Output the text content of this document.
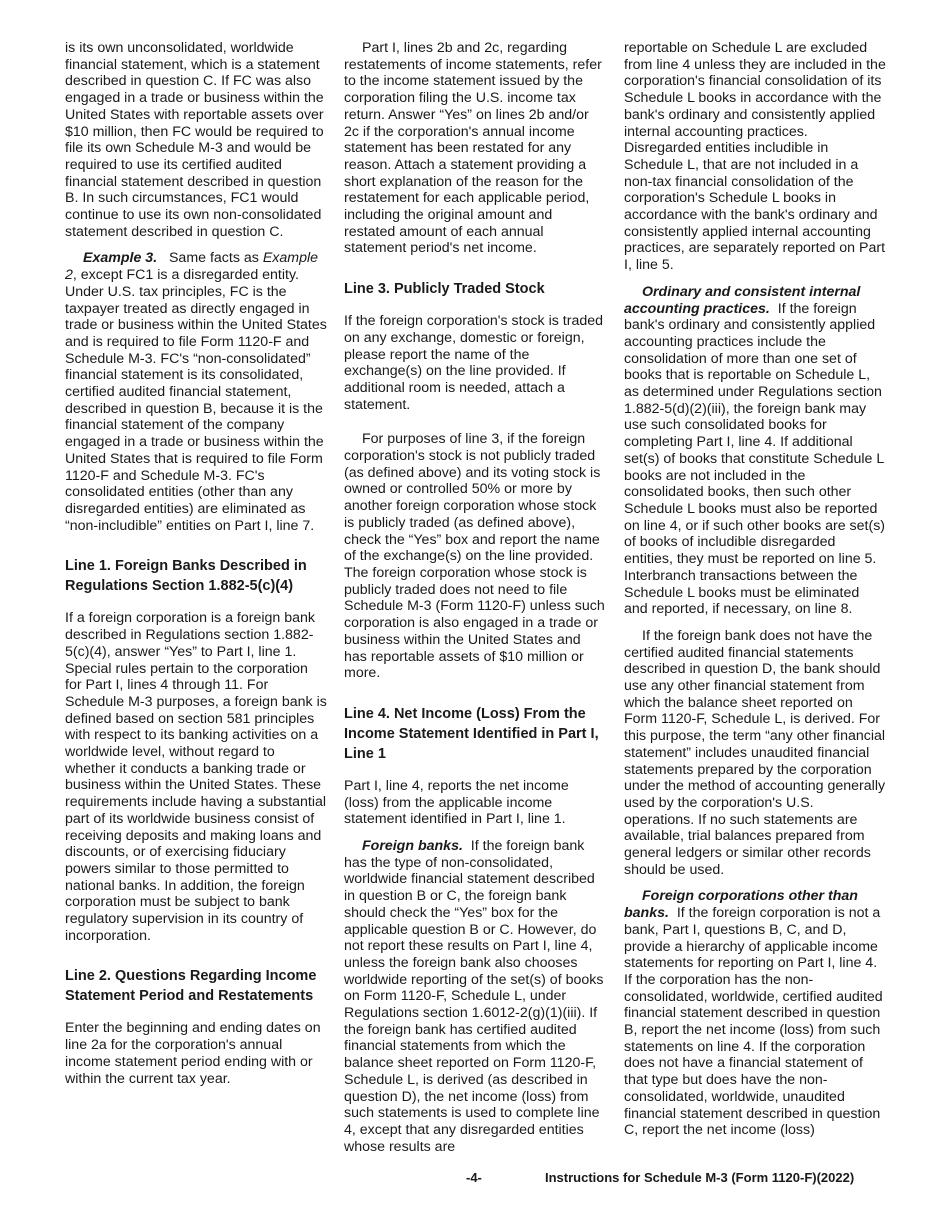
is its own unconsolidated, worldwide financial statement, which is a statement described in question C. If FC was also engaged in a trade or business within the United States with reportable assets over $10 million, then FC would be required to file its own Schedule M-3 and would be required to use its certified audited financial statement described in question B. In such circumstances, FC1 would continue to use its own non-consolidated statement described in question C.

Example 3. Same facts as Example 2, except FC1 is a disregarded entity. Under U.S. tax principles, FC is the taxpayer treated as directly engaged in trade or business within the United States and is required to file Form 1120-F and Schedule M-3. FC's “non-consolidated” financial statement is its consolidated, certified audited financial statement, described in question B, because it is the financial statement of the company engaged in a trade or business within the United States that is required to file Form 1120-F and Schedule M-3. FC's consolidated entities (other than any disregarded entities) are eliminated as “non-includible” entities on Part I, line 7.

Line 1. Foreign Banks Described in Regulations Section 1.882-5(c)(4)

If a foreign corporation is a foreign bank described in Regulations section 1.882-5(c)(4), answer “Yes” to Part I, line 1. Special rules pertain to the corporation for Part I, lines 4 through 11. For Schedule M-3 purposes, a foreign bank is defined based on section 581 principles with respect to its banking activities on a worldwide level, without regard to whether it conducts a banking trade or business within the United States. These requirements include having a substantial part of its worldwide business consist of receiving deposits and making loans and discounts, or of exercising fiduciary powers similar to those permitted to national banks. In addition, the foreign corporation must be subject to bank regulatory supervision in its country of incorporation.

Line 2. Questions Regarding Income Statement Period and Restatements

Enter the beginning and ending dates on line 2a for the corporation's annual income statement period ending with or within the current tax year.

Part I, lines 2b and 2c, regarding restatements of income statements, refer to the income statement issued by the corporation filing the U.S. income tax return. Answer “Yes” on lines 2b and/or 2c if the corporation's annual income statement has been restated for any reason. Attach a statement providing a short explanation of the reason for the restatement for each applicable period, including the original amount and restated amount of each annual statement period's net income.

Line 3. Publicly Traded Stock

If the foreign corporation's stock is traded on any exchange, domestic or foreign, please report the name of the exchange(s) on the line provided. If additional room is needed, attach a statement.

For purposes of line 3, if the foreign corporation's stock is not publicly traded (as defined above) and its voting stock is owned or controlled 50% or more by another foreign corporation whose stock is publicly traded (as defined above), check the “Yes” box and report the name of the exchange(s) on the line provided. The foreign corporation whose stock is publicly traded does not need to file Schedule M-3 (Form 1120-F) unless such corporation is also engaged in a trade or business within the United States and has reportable assets of $10 million or more.

Line 4. Net Income (Loss) From the Income Statement Identified in Part I, Line 1

Part I, line 4, reports the net income (loss) from the applicable income statement identified in Part I, line 1.

Foreign banks. If the foreign bank has the type of non-consolidated, worldwide financial statement described in question B or C, the foreign bank should check the “Yes” box for the applicable question B or C. However, do not report these results on Part I, line 4, unless the foreign bank also chooses worldwide reporting of the set(s) of books on Form 1120-F, Schedule L, under Regulations section 1.6012-2(g)(1)(iii). If the foreign bank has certified audited financial statements from which the balance sheet reported on Form 1120-F, Schedule L, is derived (as described in question D), the net income (loss) from such statements is used to complete line 4, except that any disregarded entities whose results are

reportable on Schedule L are excluded from line 4 unless they are included in the corporation's financial consolidation of its Schedule L books in accordance with the bank's ordinary and consistently applied internal accounting practices. Disregarded entities includible in Schedule L, that are not included in a non-tax financial consolidation of the corporation's Schedule L books in accordance with the bank's ordinary and consistently applied internal accounting practices, are separately reported on Part I, line 5.

Ordinary and consistent internal accounting practices. If the foreign bank's ordinary and consistently applied accounting practices include the consolidation of more than one set of books that is reportable on Schedule L, as determined under Regulations section 1.882-5(d)(2)(iii), the foreign bank may use such consolidated books for completing Part I, line 4. If additional set(s) of books that constitute Schedule L books are not included in the consolidated books, then such other Schedule L books must also be reported on line 4, or if such other books are set(s) of books of includible disregarded entities, they must be reported on line 5. Interbranch transactions between the Schedule L books must be eliminated and reported, if necessary, on line 8.

If the foreign bank does not have the certified audited financial statements described in question D, the bank should use any other financial statement from which the balance sheet reported on Form 1120-F, Schedule L, is derived. For this purpose, the term “any other financial statement” includes unaudited financial statements prepared by the corporation under the method of accounting generally used by the corporation's U.S. operations. If no such statements are available, trial balances prepared from general ledgers or similar other records should be used.

Foreign corporations other than banks. If the foreign corporation is not a bank, Part I, questions B, C, and D, provide a hierarchy of applicable income statements for reporting on Part I, line 4. If the corporation has the non-consolidated, worldwide, certified audited financial statement described in question B, report the net income (loss) from such statements on line 4. If the corporation does not have a financial statement of that type but does have the non-consolidated, worldwide, unaudited financial statement described in question C, report the net income (loss)

-4-	Instructions for Schedule M-3 (Form 1120-F)(2022)
